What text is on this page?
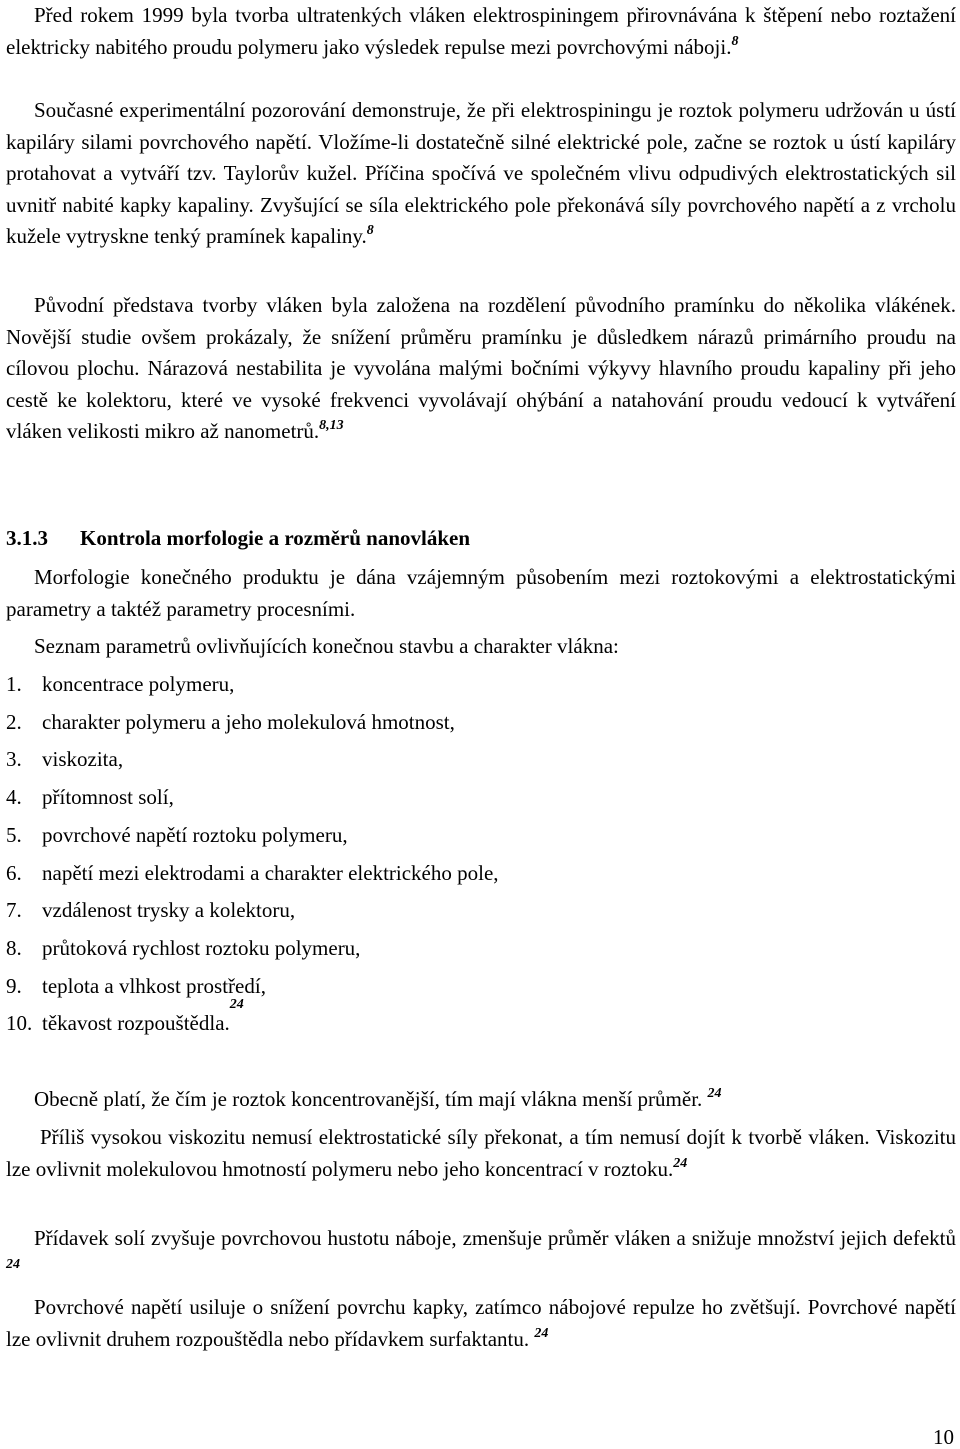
Před rokem 1999 byla tvorba ultratenkých vláken elektrospiningem přirovnávána k štěpení nebo roztažení elektricky nabitého proudu polymeru jako výsledek repulse mezi povrchovými náboji.$^8$

Současné experimentální pozorování demonstruje, že při elektrospiningu je roztok polymeru udržován u ústí kapiláry silami povrchového napětí. Vložíme-li dostatečně silné elektrické pole, začne se roztok u ústí kapiláry protahovat a vytváří tzv. Taylorův kužel. Příčina spočívá ve společném vlivu odpudivých elektrostatických sil uvnitř nabité kapky kapaliny. Zvyšující se síla elektrického pole překonává síly povrchového napětí a z vrcholu kužele vytryskne tenký pramínek kapaliny.$^8$

Původní představa tvorby vláken byla založena na rozdělení původního pramínku do několika vlákének. Novější studie ovšem prokázaly, že snížení průměru pramínku je důsledkem nárazů primárního proudu na cílovou plochu. Nárazová nestabilita je vyvolána malými bočními výkyvy hlavního proudu kapaliny při jeho cestě ke kolektoru, které ve vysoké frekvenci vyvolávají ohýbání a natahování proudu vedoucí k vytváření vláken velikosti mikro až nanometrů.$^{8,13}$

3.1.3	Kontrola morfologie a rozměrů nanovláken

Morfologie konečného produktu je dána vzájemným působením mezi roztokovými a elektrostatickými parametry a taktéž parametry procesními.

Seznam parametrů ovlivňujících konečnou stavbu a charakter vlákna:

1. koncentrace polymeru,
2. charakter polymeru a jeho molekulová hmotnost,
3. viskozita,
4. přítomnost solí,
5. povrchové napětí roztoku polymeru,
6. napětí mezi elektrodami a charakter elektrického pole,
7. vzdálenost trysky a kolektoru,
8. průtoková rychlost roztoku polymeru,
9. teplota a vlhkost prostředí,
10. těkavost rozpouštědla.
24

Obecně platí, že čím je roztok koncentrovanější, tím mají vlákna menší průměr. $^{24}$

Příliš vysokou viskozitu nemusí elektrostatické síly překonat, a tím nemusí dojít k tvorbě vláken. Viskozitu lze ovlivnit molekulovou hmotností polymeru nebo jeho koncentrací v roztoku.$^{24}$

Přídavek solí zvyšuje povrchovou hustotu náboje, zmenšuje průměr vláken a snižuje množství jejich defektů $^{24}$

Povrchové napětí usiluje o snížení povrchu kapky, zatímco nábojové repulze ho zvětšují. Povrchové napětí lze ovlivnit druhem rozpouštědla nebo přídavkem surfaktantu. $^{24}$

10
